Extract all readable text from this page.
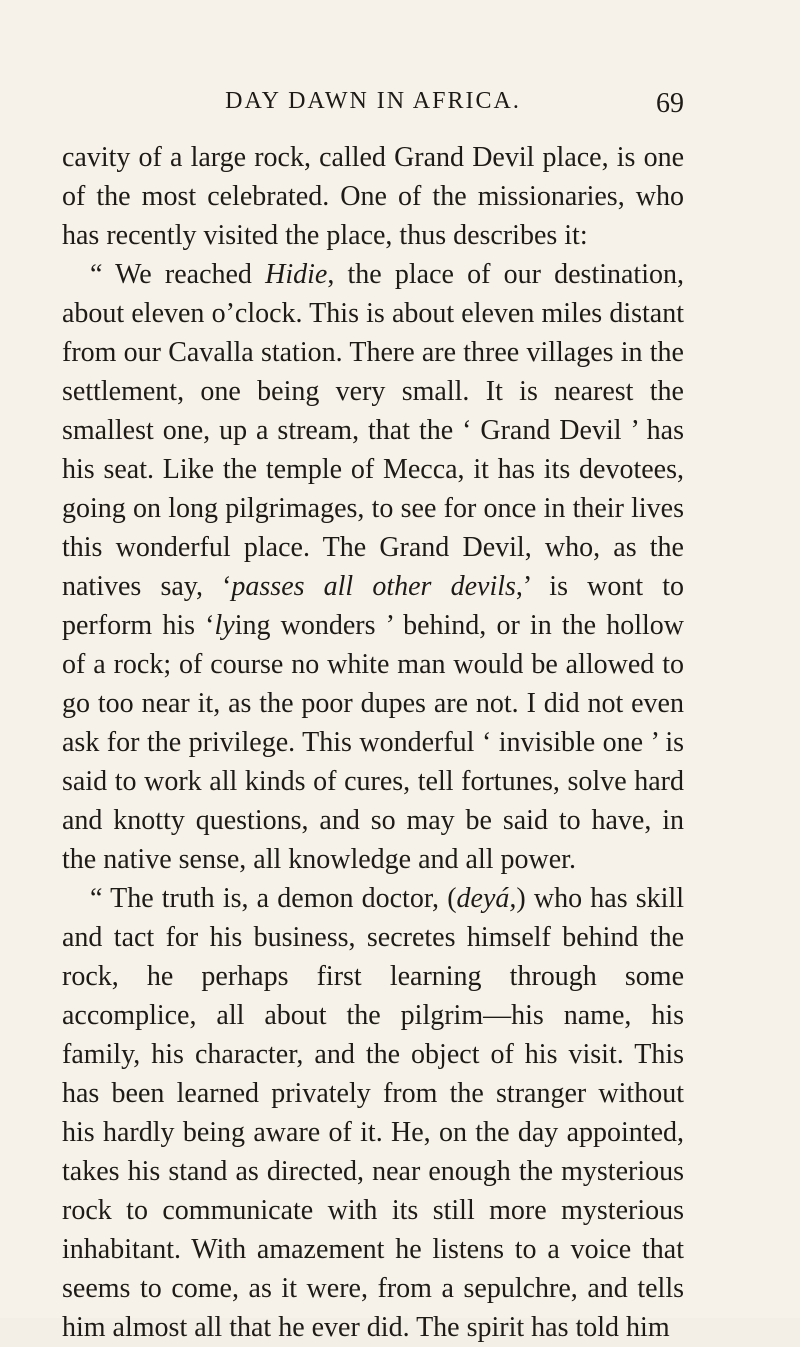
DAY DAWN IN AFRICA.	69

cavity of a large rock, called Grand Devil place, is one of the most celebrated. One of the missionaries, who has recently visited the place, thus describes it:

“ We reached Hidie, the place of our destination, about eleven o’clock. This is about eleven miles distant from our Cavalla station. There are three villages in the settlement, one being very small. It is nearest the smallest one, up a stream, that the ‘ Grand Devil ’ has his seat. Like the temple of Mecca, it has its devotees, going on long pilgrimages, to see for once in their lives this wonderful place. The Grand Devil, who, as the natives say, ‘passes all other devils,’ is wont to perform his ‘lying wonders ’ behind, or in the hollow of a rock; of course no white man would be allowed to go too near it, as the poor dupes are not. I did not even ask for the privilege. This wonderful ‘ invisible one ’ is said to work all kinds of cures, tell fortunes, solve hard and knotty questions, and so may be said to have, in the native sense, all knowledge and all power.

“ The truth is, a demon doctor, (deyá,) who has skill and tact for his business, secretes himself behind the rock, he perhaps first learning through some accomplice, all about the pilgrim—his name, his family, his character, and the object of his visit. This has been learned privately from the stranger without his hardly being aware of it. He, on the day appointed, takes his stand as directed, near enough the mysterious rock to communicate with its still more mysterious inhabitant. With amazement he listens to a voice that seems to come, as it were, from a sepulchre, and tells him almost all that he ever did. The spirit has told him
